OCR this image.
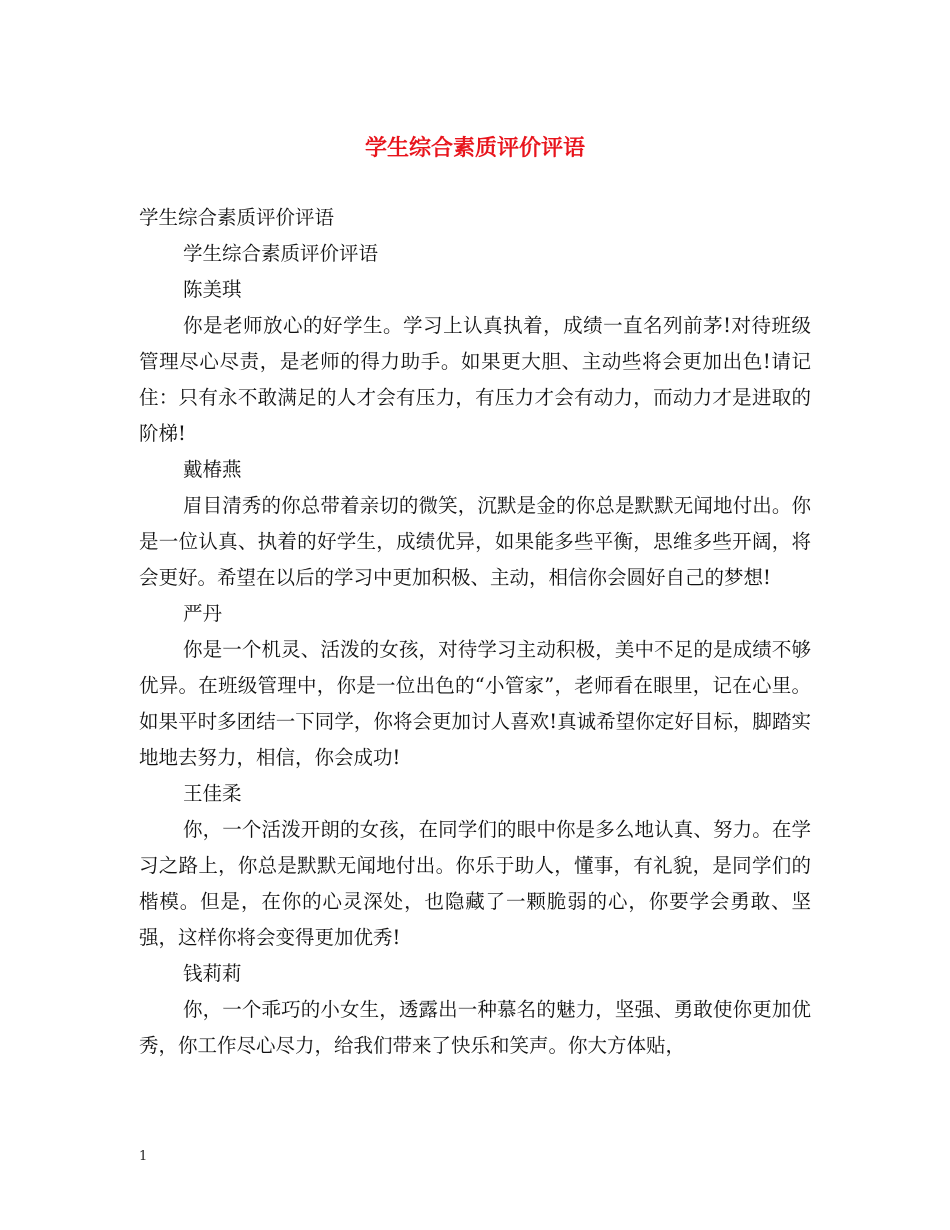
学生综合素质评价评语

学生综合素质评价评语

学生综合素质评价评语

陈美琪

你是老师放心的好学生。学习上认真执着，成绩一直名列前茅!对待班级管理尽心尽责，是老师的得力助手。如果更大胆、主动些将会更加出色!请记住：只有永不敢满足的人才会有压力，有压力才会有动力，而动力才是进取的阶梯!

戴椿燕

眉目清秀的你总带着亲切的微笑，沉默是金的你总是默默无闻地付出。你是一位认真、执着的好学生，成绩优异，如果能多些平衡，思维多些开阔，将会更好。希望在以后的学习中更加积极、主动，相信你会圆好自己的梦想!

严丹

你是一个机灵、活泼的女孩，对待学习主动积极，美中不足的是成绩不够优异。在班级管理中，你是一位出色的“小管家”，老师看在眼里，记在心里。如果平时多团结一下同学，你将会更加讨人喜欢!真诚希望你定好目标，脚踏实地地去努力，相信，你会成功!

王佳柔

你，一个活泼开朗的女孩，在同学们的眼中你是多么地认真、努力。在学习之路上，你总是默默无闻地付出。你乐于助人，懂事，有礼貌，是同学们的楷模。但是，在你的心灵深处，也隐藏了一颗脆弱的心，你要学会勇敢、坚强，这样你将会变得更加优秀!

钱莉莉

你，一个乖巧的小女生，透露出一种慕名的魅力，坚强、勇敢使你更加优秀，你工作尽心尽力，给我们带来了快乐和笑声。你大方体贴，

1
